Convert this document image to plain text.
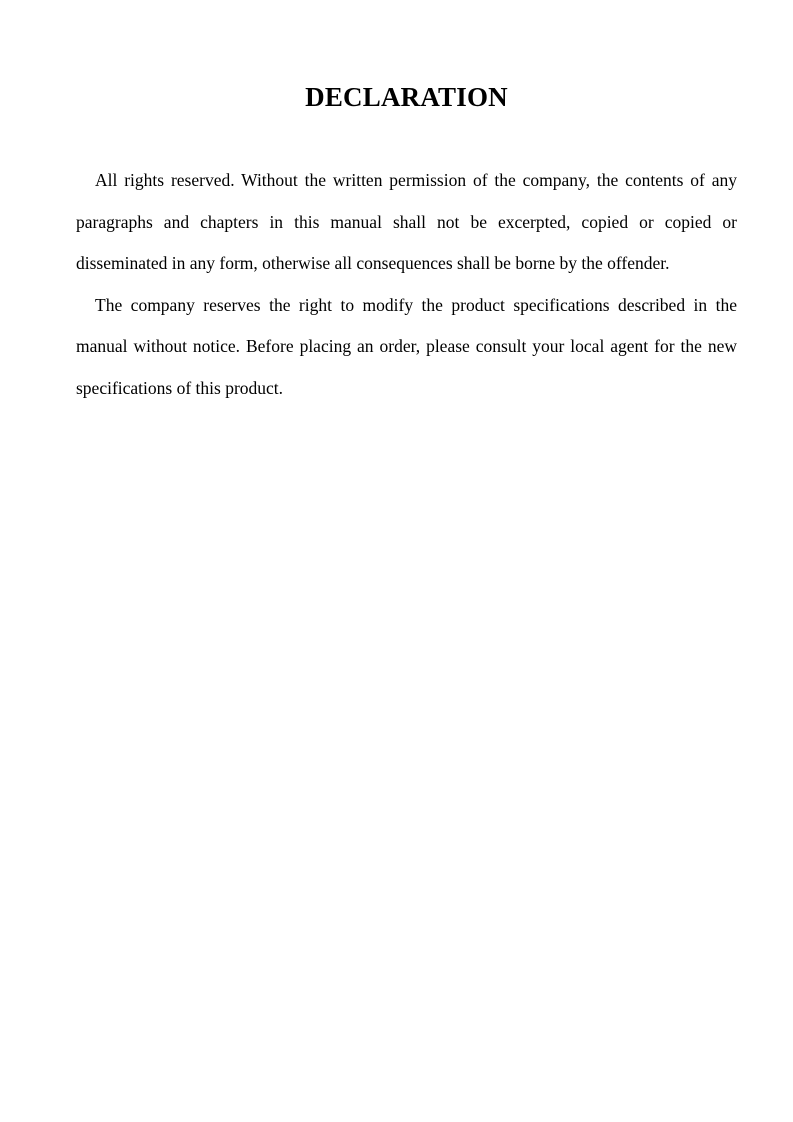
DECLARATION

All rights reserved. Without the written permission of the company, the contents of any paragraphs and chapters in this manual shall not be excerpted, copied or copied or disseminated in any form, otherwise all consequences shall be borne by the offender.

The company reserves the right to modify the product specifications described in the manual without notice. Before placing an order, please consult your local agent for the new specifications of this product.
